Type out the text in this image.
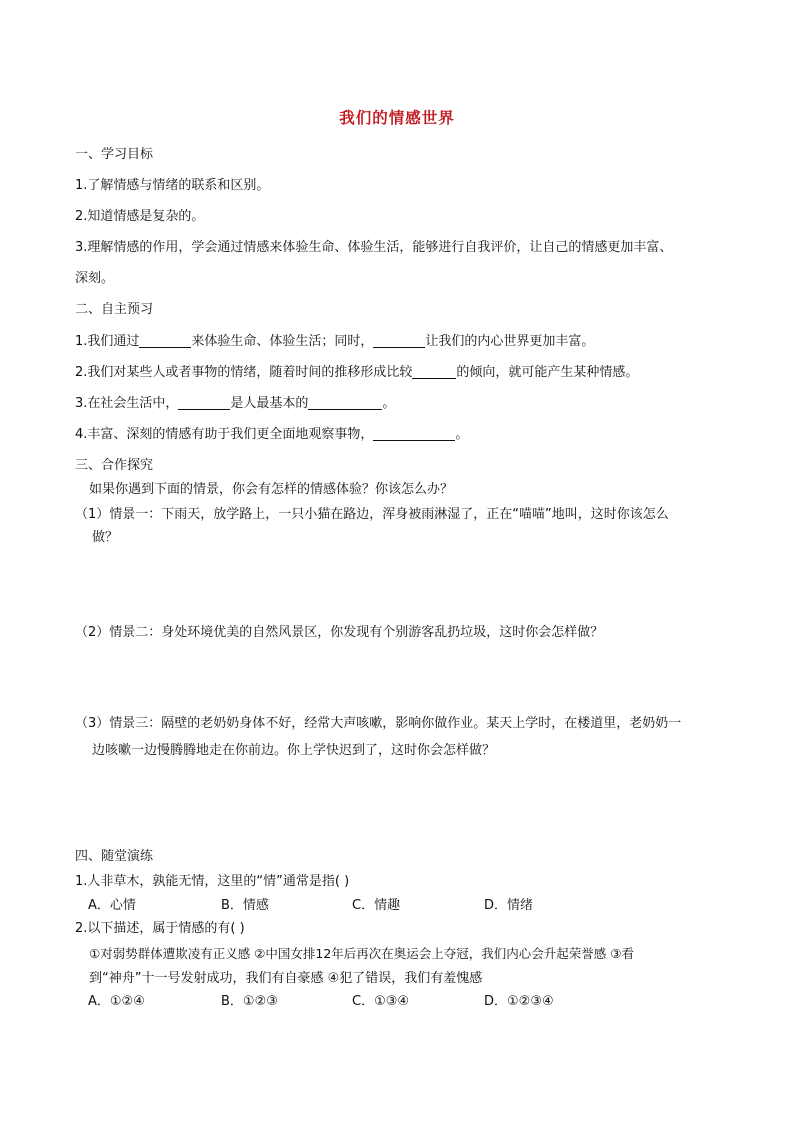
我们的情感世界
一、学习目标
1.了解情感与情绪的联系和区别。
2.知道情感是复杂的。
3.理解情感的作用，学会通过情感来体验生命、体验生活，能够进行自我评价，让自己的情感更加丰富、
深刻。
二、自主预习
1.我们通过	来体验生命、体验生活；同时，	让我们的内心世界更加丰富。
2.我们对某些人或者事物的情绪，随着时间的推移形成比较	的倾向，就可能产生某种情感。
3.在社会生活中，	是人最基本的	。
4.丰富、深刻的情感有助于我们更全面地观察事物，	。
三、合作探究
如果你遇到下面的情景，你会有怎样的情感体验？你该怎么办？
（1）情景一：下雨天，放学路上，一只小猫在路边，浑身被雨淋湿了，正在“喵喵”地叫，这时你该怎么
做？
（2）情景二：身处环境优美的自然风景区，你发现有个别游客乱扔垃圾，这时你会怎样做？
（3）情景三：隔壁的老奶奶身体不好，经常大声咳嗽，影响你做作业。某天上学时，在楼道里，老奶奶一
边咳嗽一边慢腾腾地走在你前边。你上学快迟到了，这时你会怎样做？
四、随堂演练
1.人非草木，孰能无情，这里的“情”通常是指( )
A．心情	B．情感	C．情趣	D．情绪
2.以下描述，属于情感的有( )
①对弱势群体遭欺凌有正义感 ②中国女排12年后再次在奥运会上夺冠，我们内心会升起荣誉感 ③看
到“神舟”十一号发射成功，我们有自豪感 ④犯了错误，我们有羞愧感
A．①②④	B．①②③	C．①③④	D．①②③④
